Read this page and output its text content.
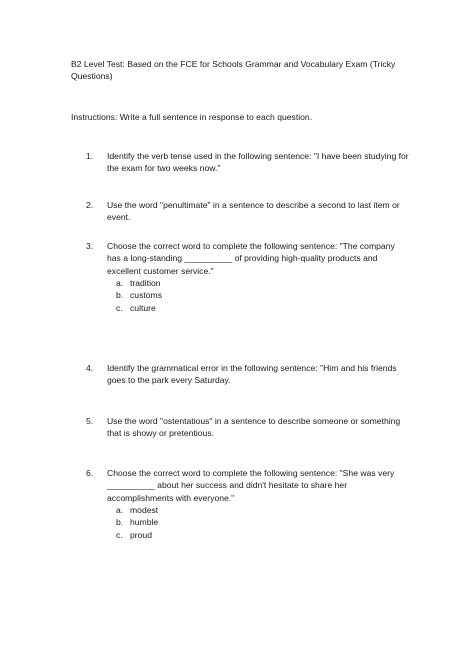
B2 Level Test: Based on the FCE for Schools Grammar and Vocabulary Exam (Tricky Questions)
Instructions: Write a full sentence in response to each question.
1. Identify the verb tense used in the following sentence: "I have been studying for the exam for two weeks now."
2. Use the word "penultimate" in a sentence to describe a second to last item or event.
3. Choose the correct word to complete the following sentence: "The company has a long-standing __________ of providing high-quality products and excellent customer service."
a. tradition
b. customs
c. culture
4. Identify the grammatical error in the following sentence: "Him and his friends goes to the park every Saturday.
5. Use the word "ostentatious" in a sentence to describe someone or something that is showy or pretentious.
6. Choose the correct word to complete the following sentence: "She was very __________ about her success and didn't hesitate to share her accomplishments with everyone."
a. modest
b. humble
c. proud
